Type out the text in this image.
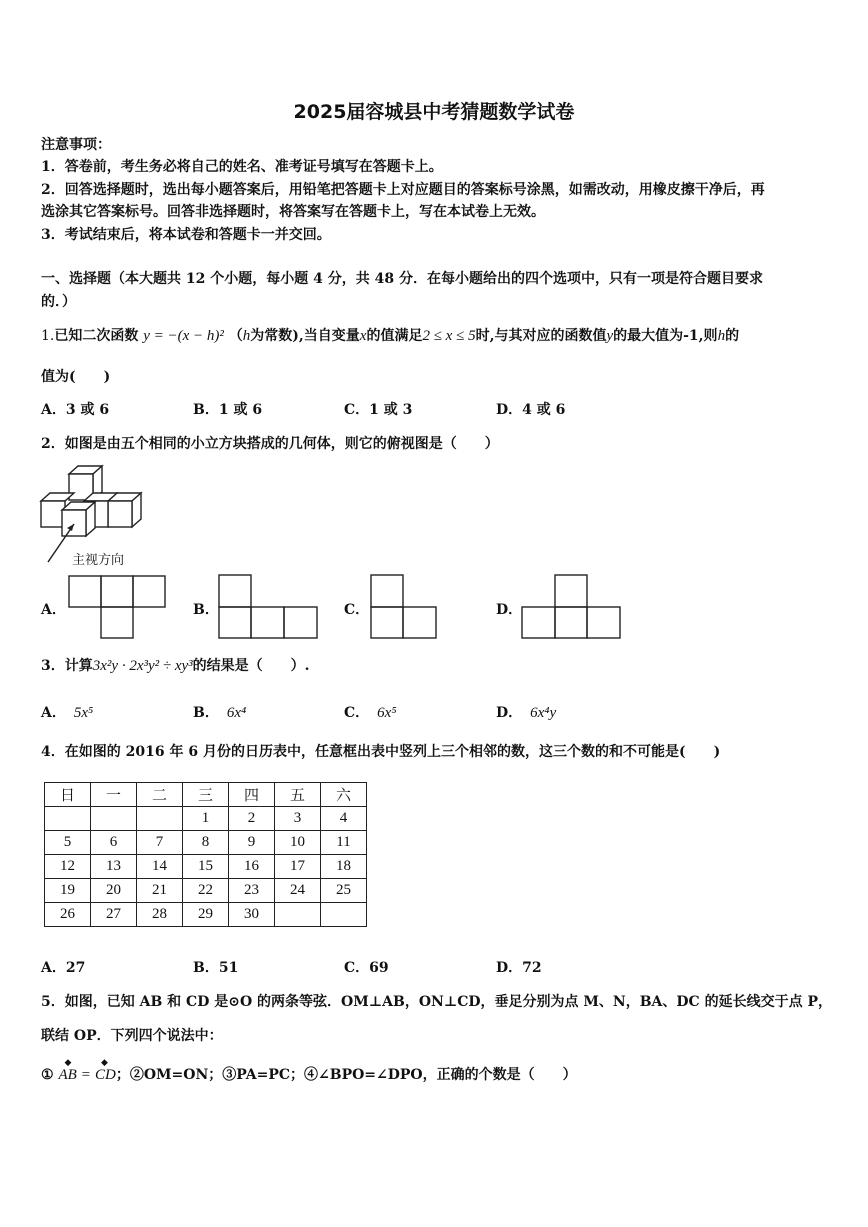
2025届容城县中考猜题数学试卷
注意事项：
1．答卷前，考生务必将自己的姓名、准考证号填写在答题卡上。
2．回答选择题时，选出每小题答案后，用铅笔把答题卡上对应题目的答案标号涂黑，如需改动，用橡皮擦干净后，再
选涂其它答案标号。回答非选择题时，将答案写在答题卡上，写在本试卷上无效。
3．考试结束后，将本试卷和答题卡一并交回。
一、选择题（本大题共 12 个小题，每小题 4 分，共 48 分．在每小题给出的四个选项中，只有一项是符合题目要求
的．）
1.已知二次函数 y = −(x − h)² （h为常数),当自变量x的值满足2 ≤ x ≤ 5时,与其对应的函数值y的最大值为-1,则h的
值为(　　)
A．3 或 6	B．1 或 6	C．1 或 3	D．4 或 6
2．如图是由五个相同的小立方块搭成的几何体，则它的俯视图是（　　）
主视方向
A．	B．	C．	D．
3．计算3x²y · 2x³y² ÷ xy³的结果是（　　）.
A． 5x⁵	B． 6x⁴	C． 6x⁵	D． 6x⁴y
4．在如图的 2016 年 6 月份的日历表中，任意框出表中竖列上三个相邻的数，这三个数的和不可能是(　　)
日	一	二	三	四	五	六
			1	2	3	4
5	6	7	8	9	10	11
12	13	14	15	16	17	18
19	20	21	22	23	24	25
26	27	28	29	30		
A．27	B．51	C．69	D．72
5．如图，已知 AB 和 CD 是⊙O 的两条等弦．OM⊥AB，ON⊥CD，垂足分别为点 M、N，BA、DC 的延长线交于点 P，
联结 OP．下列四个说法中：
①
◆
AB =
◆
CD；②OM=ON；③PA=PC；④∠BPO=∠DPO，正确的个数是（　　）
